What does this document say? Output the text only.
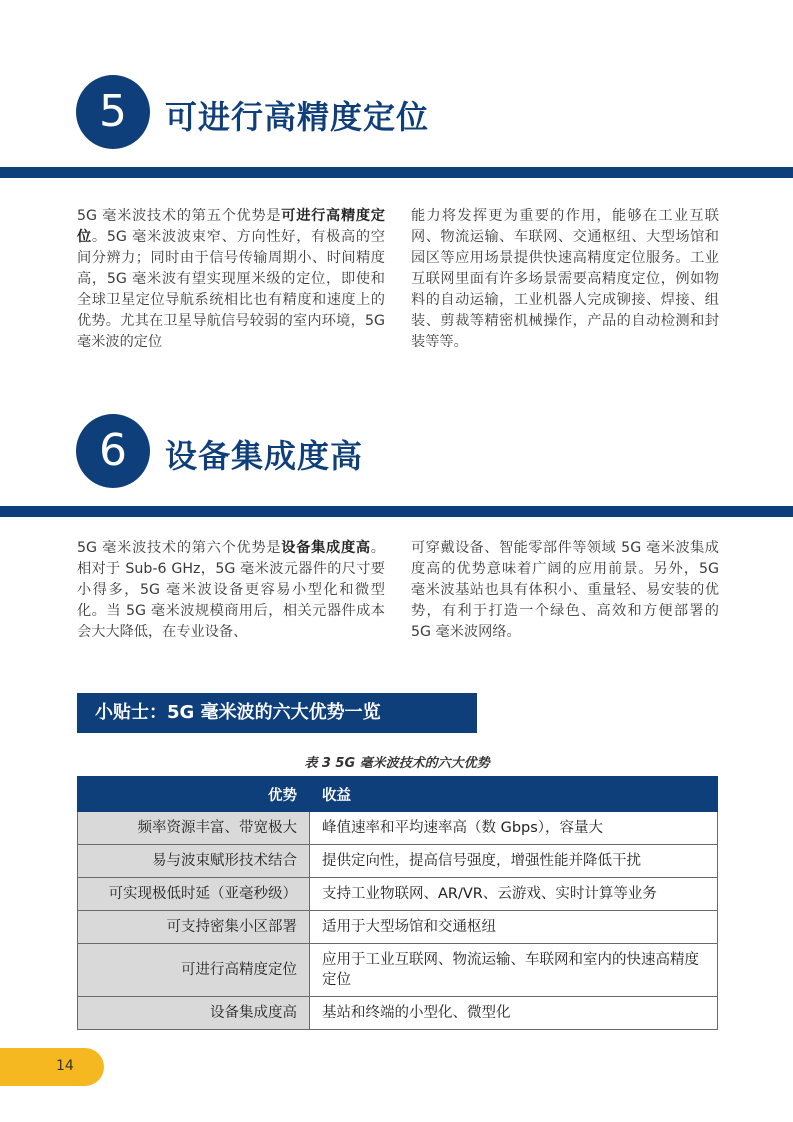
5	可进行高精度定位
5G 毫米波技术的第五个优势是可进行高精度定位。5G 毫米波波束窄、方向性好，有极高的空间分辨力；同时由于信号传输周期小、时间精度高，5G 毫米波有望实现厘米级的定位，即使和全球卫星定位导航系统相比也有精度和速度上的优势。尤其在卫星导航信号较弱的室内环境，5G 毫米波的定位
能力将发挥更为重要的作用，能够在工业互联网、物流运输、车联网、交通枢纽、大型场馆和园区等应用场景提供快速高精度定位服务。工业互联网里面有许多场景需要高精度定位，例如物料的自动运输，工业机器人完成铆接、焊接、组装、剪裁等精密机械操作，产品的自动检测和封装等等。
6	设备集成度高
5G 毫米波技术的第六个优势是设备集成度高。相对于 Sub-6 GHz，5G 毫米波元器件的尺寸要小得多，5G 毫米波设备更容易小型化和微型化。当 5G 毫米波规模商用后，相关元器件成本会大大降低，在专业设备、
可穿戴设备、智能零部件等领域 5G 毫米波集成度高的优势意味着广阔的应用前景。另外，5G 毫米波基站也具有体积小、重量轻、易安装的优势，有利于打造一个绿色、高效和方便部署的 5G 毫米波网络。
小贴士：5G 毫米波的六大优势一览
表 3 5G 毫米波技术的六大优势
优势	收益
频率资源丰富、带宽极大	峰值速率和平均速率高（数 Gbps），容量大
易与波束赋形技术结合	提供定向性，提高信号强度，增强性能并降低干扰
可实现极低时延（亚毫秒级）	支持工业物联网、AR/VR、云游戏、实时计算等业务
可支持密集小区部署	适用于大型场馆和交通枢纽
可进行高精度定位	应用于工业互联网、物流运输、车联网和室内的快速高精度定位
设备集成度高	基站和终端的小型化、微型化
14
